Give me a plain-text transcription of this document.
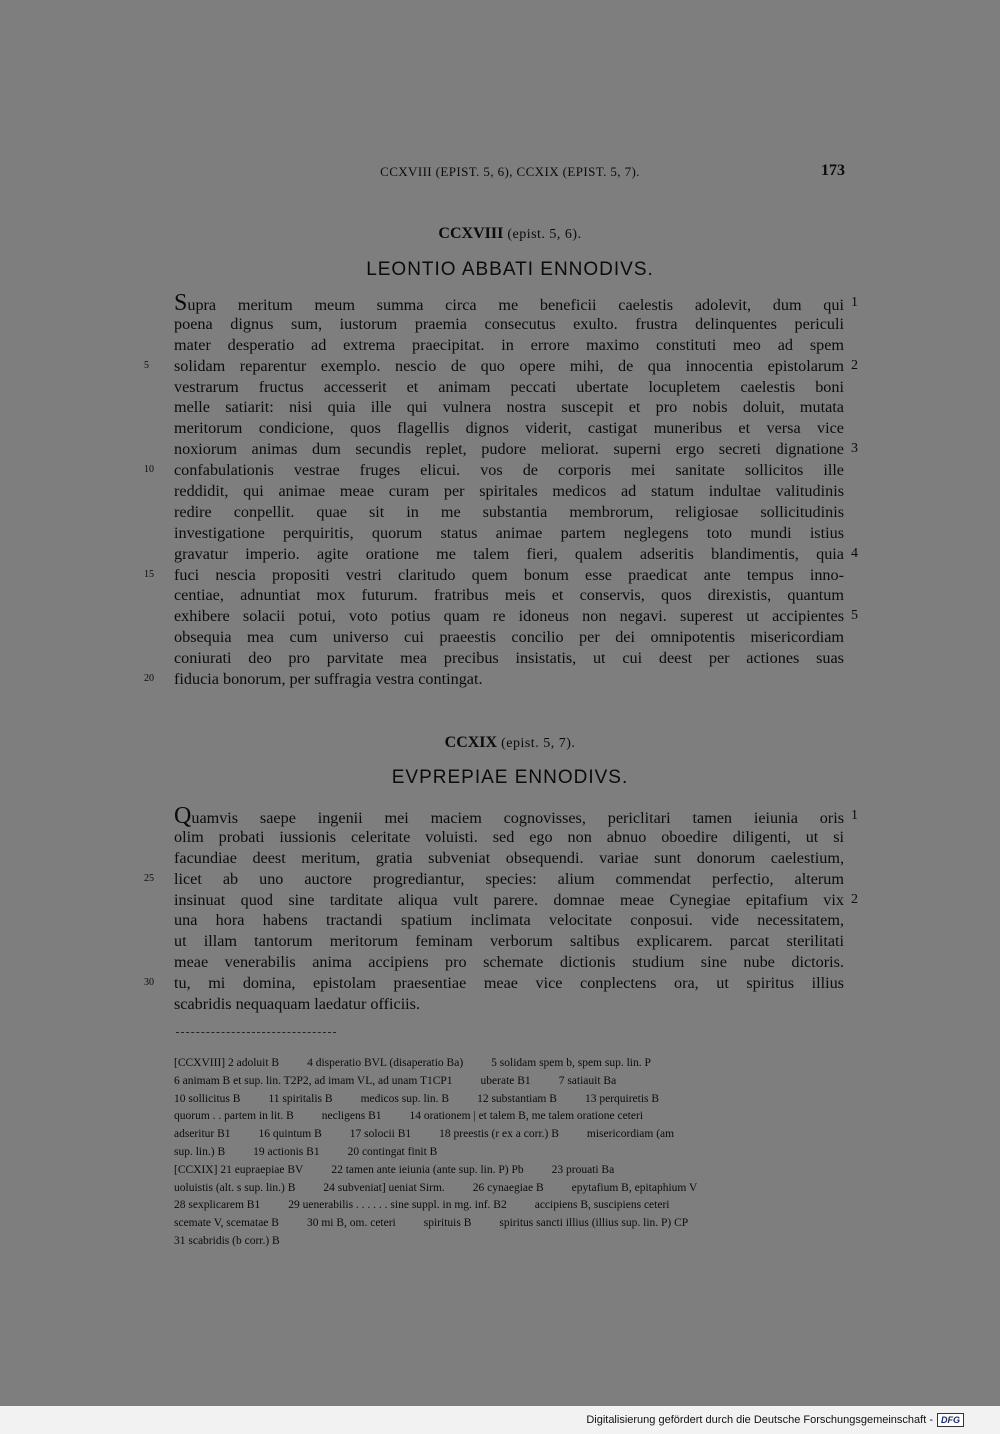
CCXVIII (EPIST. 5, 6), CCXIX (EPIST. 5, 7).	173
CCXVIII (epist. 5, 6).
LEONTIO ABBATI ENNODIVS.
Supra meritum meum summa circa me beneficii caelestis adolevit, dum qui 1
poena dignus sum, iustorum praemia consecutus exulto. frustra delinquentes periculi
mater desperatio ad extrema praecipitat. in errore maximo constituti meo ad spem
solidam reparentur exemplo. nescio de quo opere mihi, de qua innocentia epistolarum
5	2
vestrarum fructus accesserit et animam peccati ubertate locupletem caelestis boni
melle satiarit: nisi quia ille qui vulnera nostra suscepit et pro nobis doluit, mutata
meritorum condicione, quos flagellis dignos viderit, castigat muneribus et versa vice
noxiorum animas dum secundis replet, pudore meliorat. superni ergo secreti dignatione 3
confabulationis vestrae fruges elicui. vos de corporis mei sanitate sollicitos ille
10
reddidit, qui animae meae curam per spiritales medicos ad statum indultae valitudinis
redire conpellit. quae sit in me substantia membrorum, religiosae sollicitudinis
investigatione perquiritis, quorum status animae partem neglegens toto mundi istius
gravatur imperio. agite oratione me talem fieri, qualem adseritis blandimentis, quia 4
fuci nescia propositi vestri claritudo quem bonum esse praedicat ante tempus inno-
15
centiae, adnuntiat mox futurum. fratribus meis et conservis, quos direxistis, quantum
exhibere solacii potui, voto potius quam re idoneus non negavi. superest ut accipientes 5
obsequia mea cum universo cui praeestis concilio per dei omnipotentis misericordiam
coniurati deo pro parvitate mea precibus insistatis, ut cui deest per actiones suas
fiducia bonorum, per suffragia vestra contingat.
20
CCXIX (epist. 5, 7).
EVPREPIAE ENNODIVS.
Quamvis saepe ingenii mei maciem cognovisses, periclitari tamen ieiunia oris 1
olim probati iussionis celeritate voluisti. sed ego non abnuo oboedire diligenti, ut si
facundiae deest meritum, gratia subveniat obsequendi. variae sunt donorum caelestium,
licet ab uno auctore progrediantur, species: alium commendat perfectio, alterum
25
insinuat quod sine tarditate aliqua vult parere. domnae meae Cynegiae epitafium vix 2
una hora habens tractandi spatium inclimata velocitate conposui. vide necessitatem,
ut illam tantorum meritorum feminam verborum saltibus explicarem. parcat sterilitati
meae venerabilis anima accipiens pro schemate dictionis studium sine nube dictoris.
tu, mi domina, epistolam praesentiae meae vice conplectens ora, ut spiritus illius
30
scabridis nequaquam laedatur officiis.
[CCXVIII] 2 adoluit B 4 disperatio BVL (disaperatio Ba) 5 solidam spem b, spem sup. lin. P
6 animam B et sup. lin. T2P2, ad imam VL, ad unam T1CP1 uberate B1 7 satiauit Ba
10 sollicitus B 11 spiritalis B medicos sup. lin. B 12 substantiam B 13 perquiretis B
quorum . . partem in lit. B necligens B1 14 orationem | et talem B, me talem oratione ceteri
adseritur B1 16 quintum B 17 solocii B1 18 preestis (r ex a corr.) B misericordiam (am
sup. lin.) B 19 actionis B1 20 contingat finit B
[CCXIX] 21 eupraepiae BV 22 tamen ante ieiunia (ante sup. lin. P) Pb 23 prouati Ba
uoluistis (alt. s sup. lin.) B 24 subveniat] ueniat Sirm. 26 cynaegiae B epytafium B, epitaphium V
28 sexplicarem B1 29 uenerabilis . . . . . . sine suppl. in mg. inf. B2 accipiens B, suscipiens ceteri
scemate V, scematae B 30 mi B, om. ceteri spirituis B spiritus sancti illius (illius sup. lin. P) CP
31 scabridis (b corr.) B
Digitalisierung gefördert durch die Deutsche Forschungsgemeinschaft - DFG
